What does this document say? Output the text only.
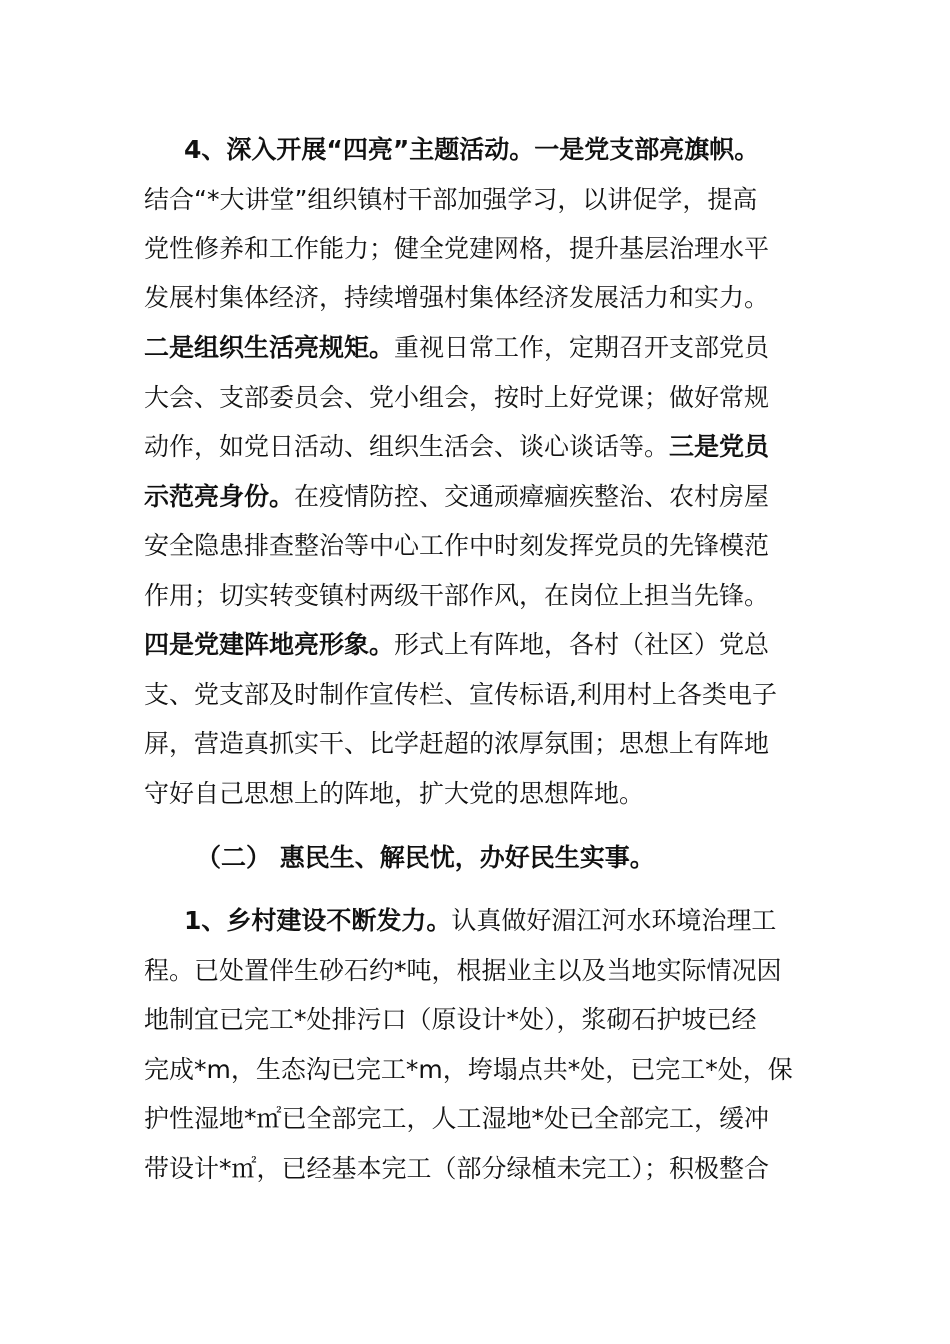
4、深入开展“四亮”主题活动。一是党支部亮旗帜。
结合“*大讲堂”组织镇村干部加强学习，以讲促学，提高
党性修养和工作能力；健全党建网格，提升基层治理水平
发展村集体经济，持续增强村集体经济发展活力和实力。
二是组织生活亮规矩。重视日常工作，定期召开支部党员
大会、支部委员会、党小组会，按时上好党课；做好常规
动作，如党日活动、组织生活会、谈心谈话等。三是党员
示范亮身份。在疫情防控、交通顽瘴痼疾整治、农村房屋
安全隐患排查整治等中心工作中时刻发挥党员的先锋模范
作用；切实转变镇村两级干部作风，在岗位上担当先锋。
四是党建阵地亮形象。形式上有阵地，各村（社区）党总
支、党支部及时制作宣传栏、宣传标语,利用村上各类电子
屏，营造真抓实干、比学赶超的浓厚氛围；思想上有阵地
守好自己思想上的阵地，扩大党的思想阵地。
（二） 惠民生、解民忧，办好民生实事。
1、乡村建设不断发力。认真做好湄江河水环境治理工
程。已处置伴生砂石约*吨，根据业主以及当地实际情况因
地制宜已完工*处排污口（原设计*处），浆砌石护坡已经
完成*m，生态沟已完工*m，垮塌点共*处，已完工*处，保
护性湿地*㎡已全部完工，人工湿地*处已全部完工，缓冲
带设计*㎡，已经基本完工（部分绿植未完工）；积极整合
